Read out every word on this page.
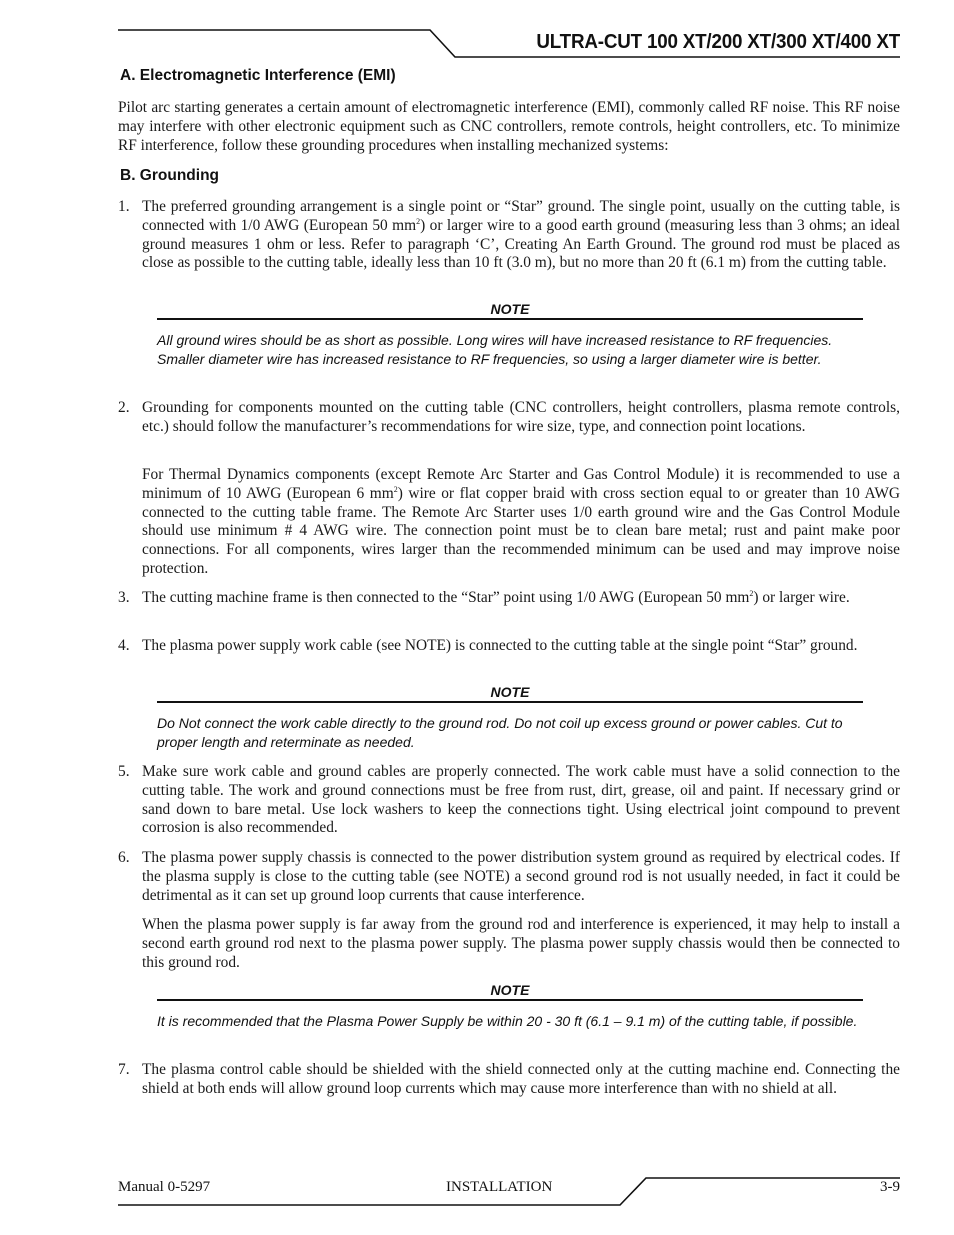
ULTRA-CUT 100 XT/200 XT/300 XT/400 XT
A. Electromagnetic Interference (EMI)

Pilot arc starting generates a certain amount of electromagnetic interference (EMI), commonly called RF noise. This RF noise may interfere with other electronic equipment such as CNC controllers, remote controls, height controllers, etc. To minimize RF interference, follow these grounding procedures when installing mechanized systems:

B. Grounding
1. The preferred grounding arrangement is a single point or “Star” ground. The single point, usually on the cutting table, is connected with 1/0 AWG (European 50 $mm^2$) or larger wire to a good earth ground (measuring less than 3 ohms; an ideal ground measures 1 ohm or less. Refer to paragraph ‘C’, Creating An Earth Ground. The ground rod must be placed as close as possible to the cutting table, ideally less than 10 ft (3.0 m), but no more than 20 ft (6.1 m) from the cutting table.

NOTE

All ground wires should be as short as possible. Long wires will have increased resistance to RF frequencies. Smaller diameter wire has increased resistance to RF frequencies, so using a larger diameter wire is better.

2. Grounding for components mounted on the cutting table (CNC controllers, height controllers, plasma remote controls, etc.) should follow the manufacturer’s recommendations for wire size, type, and connection point locations.

For Thermal Dynamics components (except Remote Arc Starter and Gas Control Module) it is recommended to use a minimum of 10 AWG (European 6 $mm^2$) wire or flat copper braid with cross section equal to or greater than 10 AWG connected to the cutting table frame. The Remote Arc Starter uses 1/0 earth ground wire and the Gas Control Module should use minimum # 4 AWG wire. The connection point must be to clean bare metal; rust and paint make poor connections. For all components, wires larger than the recommended minimum can be used and may improve noise protection.

3. The cutting machine frame is then connected to the “Star” point using 1/0 AWG (European 50 $mm^2$) or larger wire.

4. The plasma power supply work cable (see NOTE) is connected to the cutting table at the single point “Star” ground.

NOTE

Do Not connect the work cable directly to the ground rod. Do not coil up excess ground or power cables. Cut to proper length and reterminate as needed.

5. Make sure work cable and ground cables are properly connected. The work cable must have a solid connection to the cutting table. The work and ground connections must be free from rust, dirt, grease, oil and paint. If necessary grind or sand down to bare metal. Use lock washers to keep the connections tight. Using electrical joint compound to prevent corrosion is also recommended.

6. The plasma power supply chassis is connected to the power distribution system ground as required by electrical codes. If the plasma supply is close to the cutting table (see NOTE) a second ground rod is not usually needed, in fact it could be detrimental as it can set up ground loop currents that cause interference.

When the plasma power supply is far away from the ground rod and interference is experienced, it may help to install a second earth ground rod next to the plasma power supply. The plasma power supply chassis would then be connected to this ground rod.

NOTE

It is recommended that the Plasma Power Supply be within 20 - 30 ft (6.1 – 9.1 m) of the cutting table, if possible.

7. The plasma control cable should be shielded with the shield connected only at the cutting machine end. Connecting the shield at both ends will allow ground loop currents which may cause more interference than with no shield at all.

Manual 0-5297	INSTALLATION	3-9
